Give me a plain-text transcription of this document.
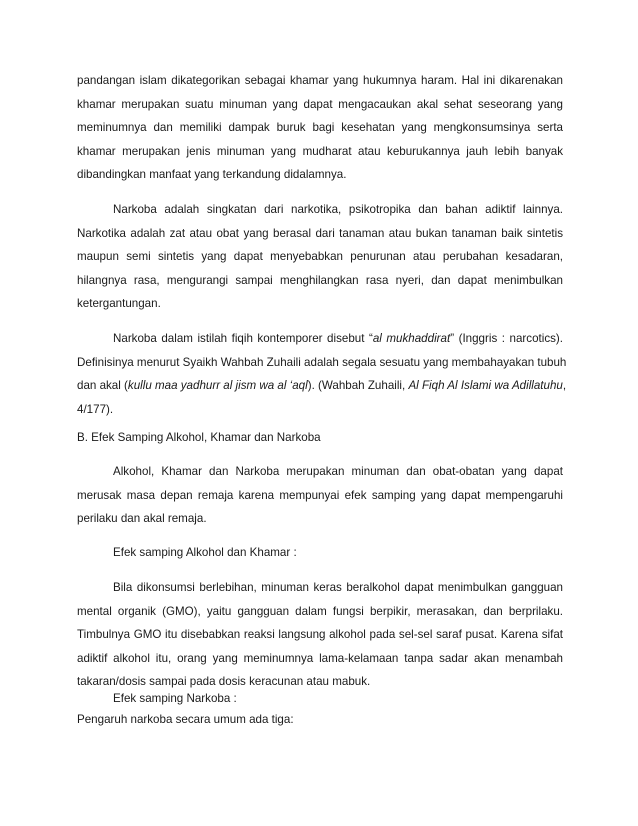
pandangan islam dikategorikan sebagai khamar yang hukumnya haram. Hal ini dikarenakan
khamar merupakan suatu minuman yang dapat mengacaukan akal sehat seseorang yang
meminumnya dan memiliki dampak buruk bagi kesehatan yang mengkonsumsinya serta
khamar merupakan jenis minuman yang mudharat atau keburukannya jauh lebih banyak
dibandingkan manfaat yang terkandung didalamnya.
Narkoba adalah singkatan dari narkotika, psikotropika dan bahan adiktif lainnya.
Narkotika adalah zat atau obat yang berasal dari tanaman atau bukan tanaman baik sintetis
maupun semi sintetis yang dapat menyebabkan penurunan atau perubahan kesadaran,
hilangnya rasa, mengurangi sampai menghilangkan rasa nyeri, dan dapat menimbulkan
ketergantungan.
Narkoba dalam istilah fiqih kontemporer disebut “al mukhaddirat” (Inggris : narcotics).
Definisinya menurut Syaikh Wahbah Zuhaili adalah segala sesuatu yang membahayakan tubuh
dan akal (kullu maa yadhurr al jism wa al ‘aql). (Wahbah Zuhaili, Al Fiqh Al Islami wa Adillatuhu,
4/177).
B. Efek Samping Alkohol, Khamar dan Narkoba
Alkohol, Khamar dan Narkoba merupakan minuman dan obat-obatan yang dapat
merusak masa depan remaja karena mempunyai efek samping yang dapat mempengaruhi
perilaku dan akal remaja.
Efek samping Alkohol dan Khamar :
Bila dikonsumsi berlebihan, minuman keras beralkohol dapat menimbulkan gangguan
mental organik (GMO), yaitu gangguan dalam fungsi berpikir, merasakan, dan berprilaku.
Timbulnya GMO itu disebabkan reaksi langsung alkohol pada sel-sel saraf pusat. Karena sifat
adiktif alkohol itu, orang yang meminumnya lama-kelamaan tanpa sadar akan menambah
takaran/dosis sampai pada dosis keracunan atau mabuk.
Efek samping Narkoba :
Pengaruh narkoba secara umum ada tiga:
